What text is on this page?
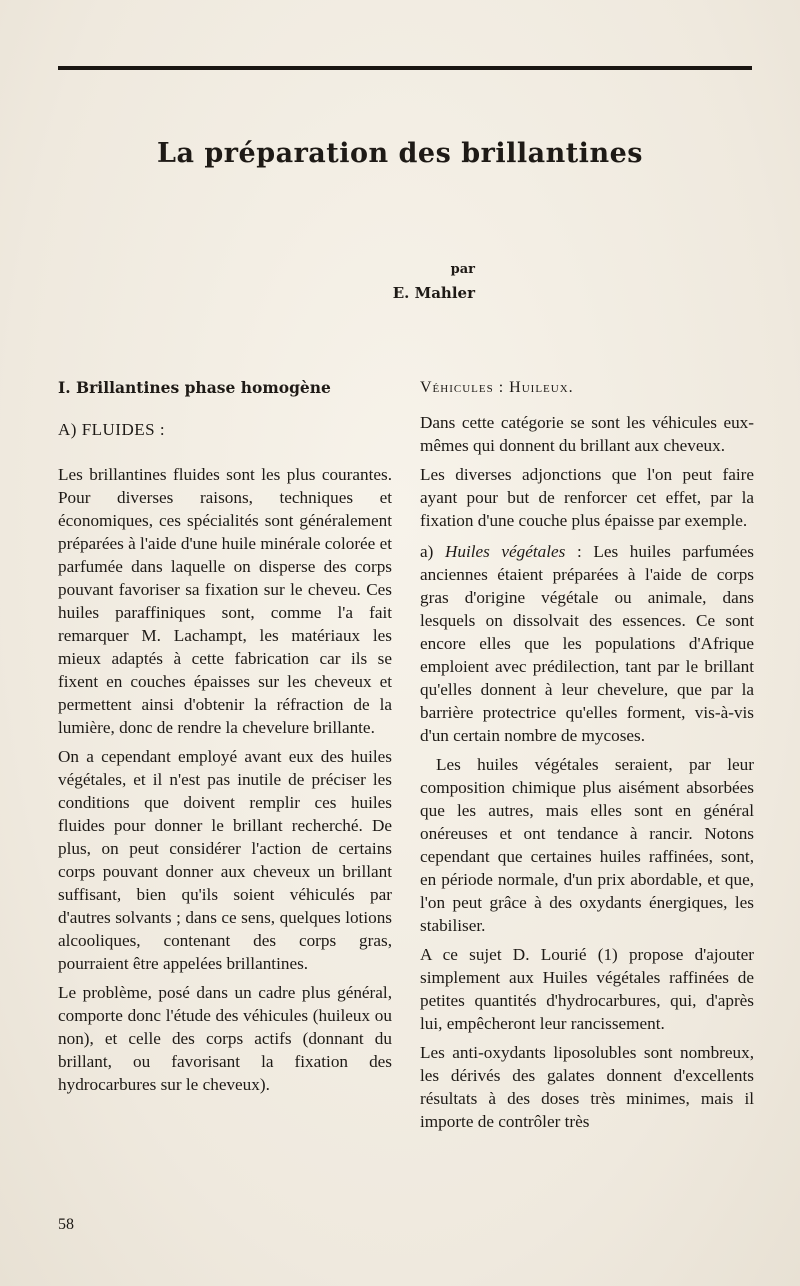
La préparation des brillantines
par
E. Mahler
I. Brillantines phase homogène
A) FLUIDES :

Les brillantines fluides sont les plus courantes. Pour diverses raisons, techniques et économiques, ces spécialités sont généralement préparées à l'aide d'une huile minérale colorée et parfumée dans laquelle on disperse des corps pouvant favoriser sa fixation sur le cheveu. Ces huiles paraffiniques sont, comme l'a fait remarquer M. Lachampt, les matériaux les mieux adaptés à cette fabrication car ils se fixent en couches épaisses sur les cheveux et permettent ainsi d'obtenir la réfraction de la lumière, donc de rendre la chevelure brillante.

On a cependant employé avant eux des huiles végétales, et il n'est pas inutile de préciser les conditions que doivent remplir ces huiles fluides pour donner le brillant recherché. De plus, on peut considérer l'action de certains corps pouvant donner aux cheveux un brillant suffisant, bien qu'ils soient véhiculés par d'autres solvants ; dans ce sens, quelques lotions alcooliques, contenant des corps gras, pourraient être appelées brillantines.

Le problème, posé dans un cadre plus général, comporte donc l'étude des véhicules (huileux ou non), et celle des corps actifs (donnant du brillant, ou favorisant la fixation des hydrocarbures sur le cheveux).

Véhicules : Huileux.

Dans cette catégorie se sont les véhicules eux-mêmes qui donnent du brillant aux cheveux.

Les diverses adjonctions que l'on peut faire ayant pour but de renforcer cet effet, par la fixation d'une couche plus épaisse par exemple.

a) Huiles végétales : Les huiles parfumées anciennes étaient préparées à l'aide de corps gras d'origine végétale ou animale, dans lesquels on dissolvait des essences. Ce sont encore elles que les populations d'Afrique emploient avec prédilection, tant par le brillant qu'elles donnent à leur chevelure, que par la barrière protectrice qu'elles forment, vis-à-vis d'un certain nombre de mycoses.

Les huiles végétales seraient, par leur composition chimique plus aisément absorbées que les autres, mais elles sont en général onéreuses et ont tendance à rancir. Notons cependant que certaines huiles raffinées, sont, en période normale, d'un prix abordable, et que, l'on peut grâce à des oxydants énergiques, les stabiliser.

A ce sujet D. Lourié (1) propose d'ajouter simplement aux Huiles végétales raffinées de petites quantités d'hydrocarbures, qui, d'après lui, empêcheront leur rancissement.

Les anti-oxydants liposolubles sont nombreux, les dérivés des galates donnent d'excellents résultats à des doses très minimes, mais il importe de contrôler très

58
